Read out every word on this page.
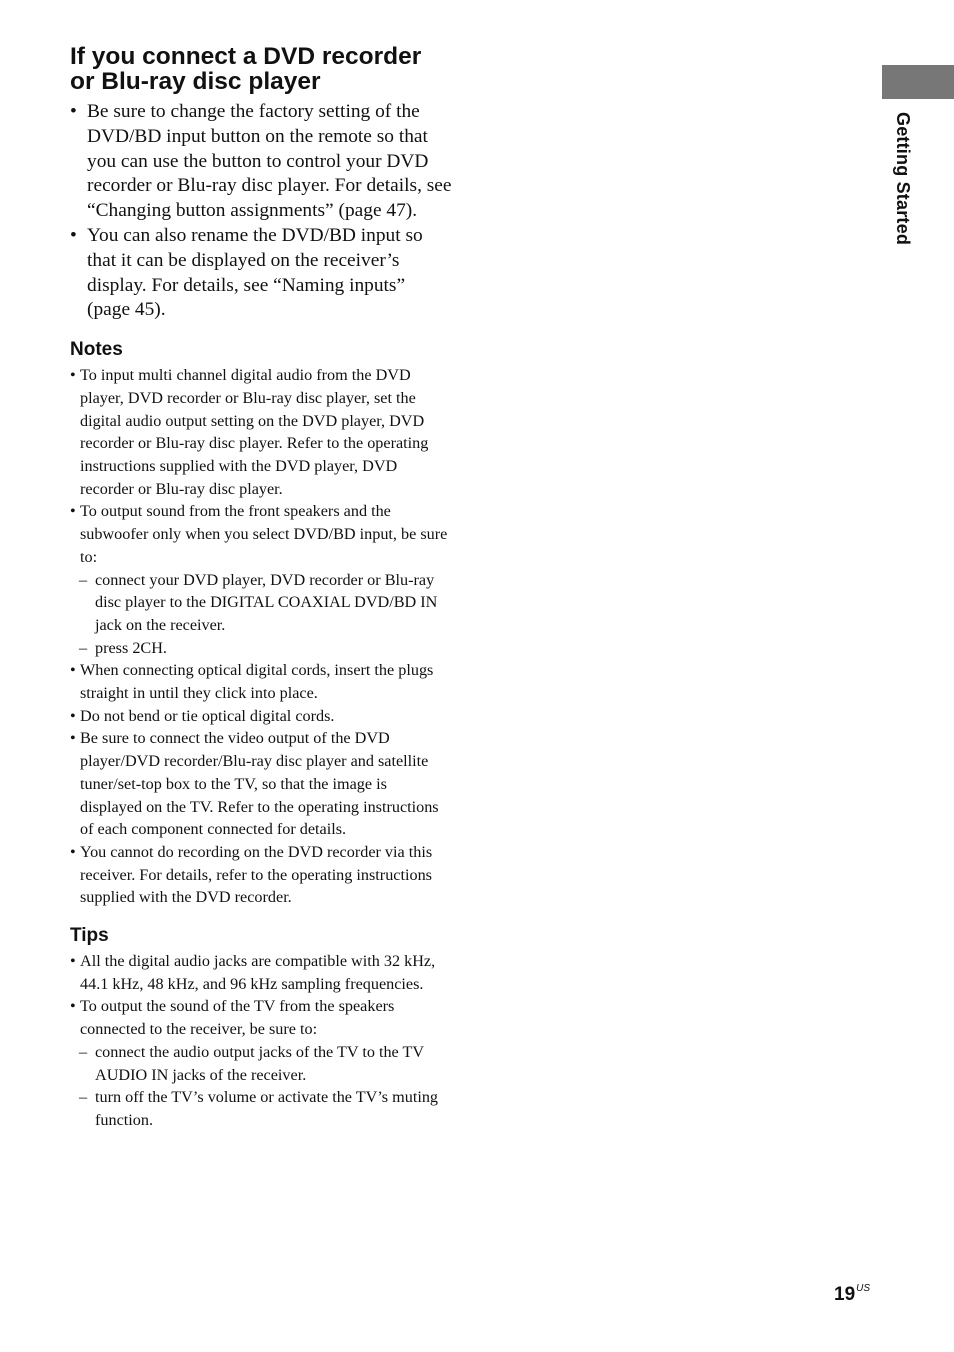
If you connect a DVD recorder or Blu-ray disc player
• Be sure to change the factory setting of the DVD/BD input button on the remote so that you can use the button to control your DVD recorder or Blu-ray disc player. For details, see “Changing button assignments” (page 47).
• You can also rename the DVD/BD input so that it can be displayed on the receiver’s display. For details, see “Naming inputs” (page 45).
Notes
• To input multi channel digital audio from the DVD player, DVD recorder or Blu-ray disc player, set the digital audio output setting on the DVD player, DVD recorder or Blu-ray disc player. Refer to the operating instructions supplied with the DVD player, DVD recorder or Blu-ray disc player.
• To output sound from the front speakers and the subwoofer only when you select DVD/BD input, be sure to:
– connect your DVD player, DVD recorder or Blu-ray disc player to the DIGITAL COAXIAL DVD/BD IN jack on the receiver.
– press 2CH.
• When connecting optical digital cords, insert the plugs straight in until they click into place.
• Do not bend or tie optical digital cords.
• Be sure to connect the video output of the DVD player/DVD recorder/Blu-ray disc player and satellite tuner/set-top box to the TV, so that the image is displayed on the TV. Refer to the operating instructions of each component connected for details.
• You cannot do recording on the DVD recorder via this receiver. For details, refer to the operating instructions supplied with the DVD recorder.
Tips
• All the digital audio jacks are compatible with 32 kHz, 44.1 kHz, 48 kHz, and 96 kHz sampling frequencies.
• To output the sound of the TV from the speakers connected to the receiver, be sure to:
– connect the audio output jacks of the TV to the TV AUDIO IN jacks of the receiver.
– turn off the TV’s volume or activate the TV’s muting function.
Getting Started
$19^{US}$
